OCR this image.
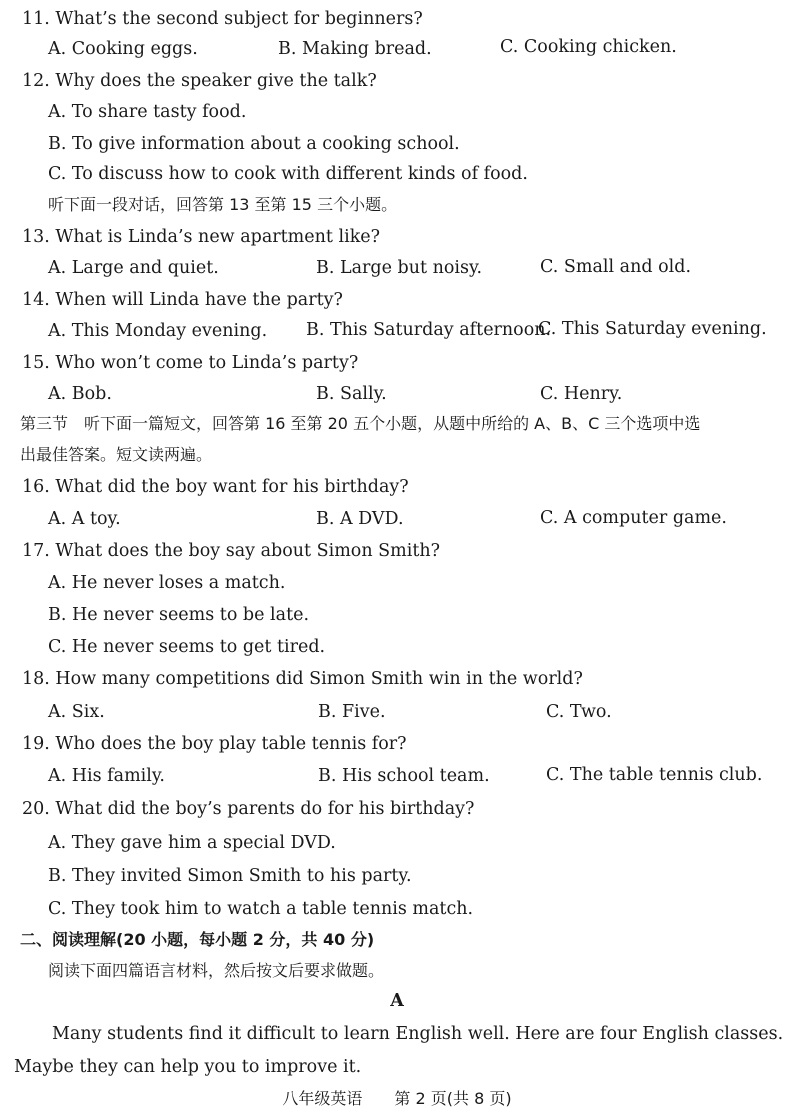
11. What’s the second subject for beginners?
A. Cooking eggs.	B. Making bread.	C. Cooking chicken.
12. Why does the speaker give the talk?
A. To share tasty food.
B. To give information about a cooking school.
C. To discuss how to cook with different kinds of food.
听下面一段对话，回答第 13 至第 15 三个小题。
13. What is Linda’s new apartment like?
A. Large and quiet.	B. Large but noisy.	C. Small and old.
14. When will Linda have the party?
A. This Monday evening. B. This Saturday afternoon.
C. This Saturday evening.
15. Who won’t come to Linda’s party?
A. Bob.	B. Sally.	C. Henry.
第三节　听下面一篇短文，回答第 16 至第 20 五个小题，从题中所给的 A、B、C 三个选项中选
出最佳答案。短文读两遍。
16. What did the boy want for his birthday?
A. A toy.	B. A DVD.	C. A computer game.
17. What does the boy say about Simon Smith?
A. He never loses a match.
B. He never seems to be late.
C. He never seems to get tired.
18. How many competitions did Simon Smith win in the world?
A. Six.	B. Five.	C. Two.
19. Who does the boy play table tennis for?
A. His family.	B. His school team.	C. The table tennis club.
20. What did the boy’s parents do for his birthday?
A. They gave him a special DVD.
B. They invited Simon Smith to his party.
C. They took him to watch a table tennis match.
二、阅读理解(20 小题，每小题 2 分，共 40 分)
阅读下面四篇语言材料，然后按文后要求做题。
A
Many students find it difficult to learn English well. Here are four English classes.
Maybe they can help you to improve it.
八年级英语　　第 2 页(共 8 页)
